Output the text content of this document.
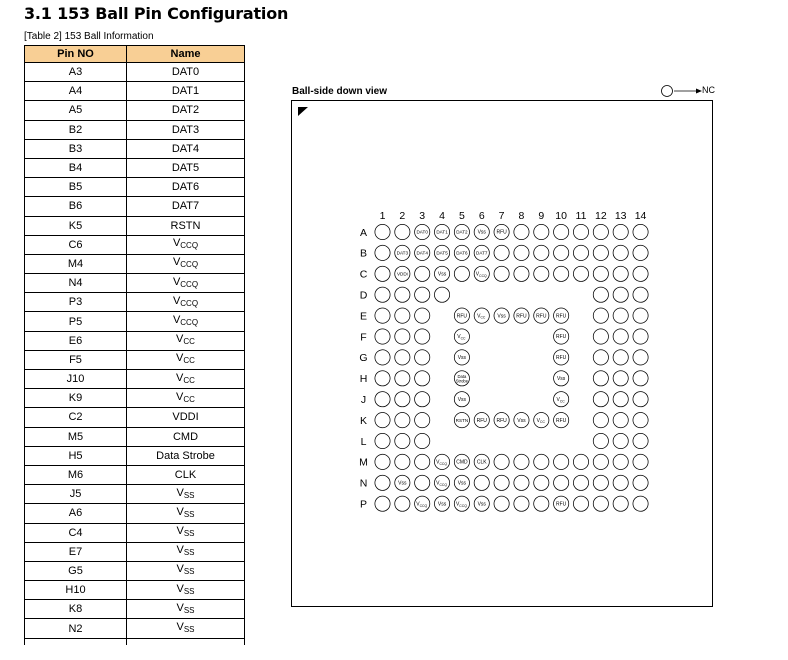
3.1 153 Ball Pin Configuration
[Table 2] 153 Ball Information
Pin NO	Name
A3	DAT0
A4	DAT1
A5	DAT2
B2	DAT3
B3	DAT4
B4	DAT5
B5	DAT6
B6	DAT7
K5	RSTN
C6	$V_{CCQ}$
M4	$V_{CCQ}$
N4	$V_{CCQ}$
P3	$V_{CCQ}$
P5	$V_{CCQ}$
E6	$V_{CC}$
F5	$V_{CC}$
J10	$V_{CC}$
K9	$V_{CC}$
C2	VDDI
M5	CMD
H5	Data Strobe
M6	CLK
J5	$V_{SS}$
A6	$V_{SS}$
C4	$V_{SS}$
E7	$V_{SS}$
G5	$V_{SS}$
H10	$V_{SS}$
K8	$V_{SS}$
N2	$V_{SS}$

Ball-side down view	NC
1 2 3 4 5 6 7 8 9 10 11 12 13 14
A
B
C
D
E
F
G
H
J
K
L
M
N
P
DAT0 DAT1 DAT2 Vss RFU
DAT3 DAT4 DAT5 DAT6 DAT7
VDDi	Vss	$V_{CCQ}$
RFU $V_{CC}$ Vss RFU RFU RFU
$V_{CC}$	RFU
Vss	RFU
Data
Strobe	Vss
Vss	$V_{CC}$
RSTN RFU RFU Vss $V_{CC}$ RFU
$V_{CCQ}$ CMD CLK
Vss	$V_{CCQ}$ Vss
$V_{CCQ}$ Vss $V_{CCQ}$ Vss	RFU
